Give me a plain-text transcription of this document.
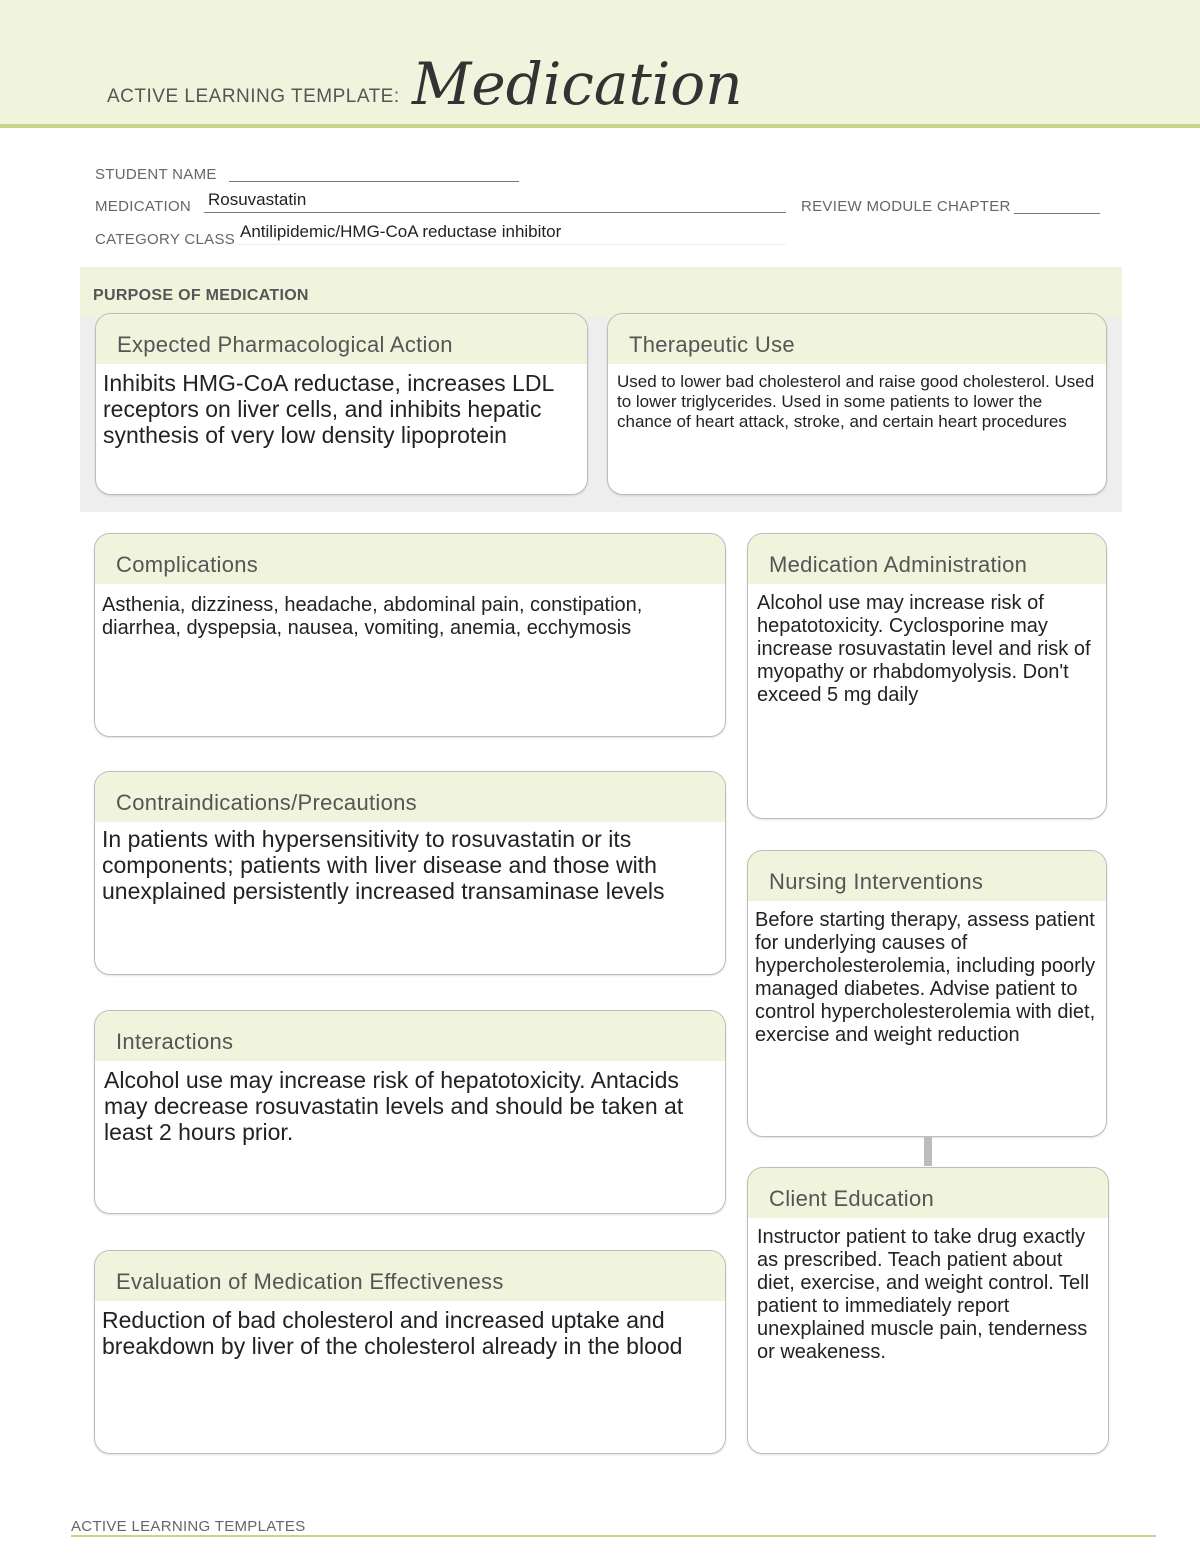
ACTIVE LEARNING TEMPLATE: Medication
STUDENT NAME
MEDICATION Rosuvastatin	REVIEW MODULE CHAPTER
CATEGORY CLASS Antilipidemic/HMG-CoA reductase inhibitor
PURPOSE OF MEDICATION
Expected Pharmacological Action
Inhibits HMG-CoA reductase, increases LDL receptors on liver cells, and inhibits hepatic synthesis of very low density lipoprotein
Therapeutic Use
Used to lower bad cholesterol and raise good cholesterol. Used to lower triglycerides. Used in some patients to lower the chance of heart attack, stroke, and certain heart procedures
Complications
Asthenia, dizziness, headache, abdominal pain, constipation, diarrhea, dyspepsia, nausea, vomiting, anemia, ecchymosis
Contraindications/Precautions
In patients with hypersensitivity to rosuvastatin or its components; patients with liver disease and those with unexplained persistently increased transaminase levels
Interactions
Alcohol use may increase risk of hepatotoxicity. Antacids may decrease rosuvastatin levels and should be taken at least 2 hours prior.
Evaluation of Medication Effectiveness
Reduction of bad cholesterol and increased uptake and breakdown by liver of the cholesterol already in the blood
Medication Administration
Alcohol use may increase risk of hepatotoxicity. Cyclosporine may increase rosuvastatin level and risk of myopathy or rhabdomyolysis. Don't exceed 5 mg daily
Nursing Interventions
Before starting therapy, assess patient for underlying causes of hypercholesterolemia, including poorly managed diabetes. Advise patient to control hypercholesterolemia with diet, exercise and weight reduction
Client Education
Instructor patient to take drug exactly as prescribed. Teach patient about diet, exercise, and weight control. Tell patient to immediately report unexplained muscle pain, tenderness or weakeness.
ACTIVE LEARNING TEMPLATES
